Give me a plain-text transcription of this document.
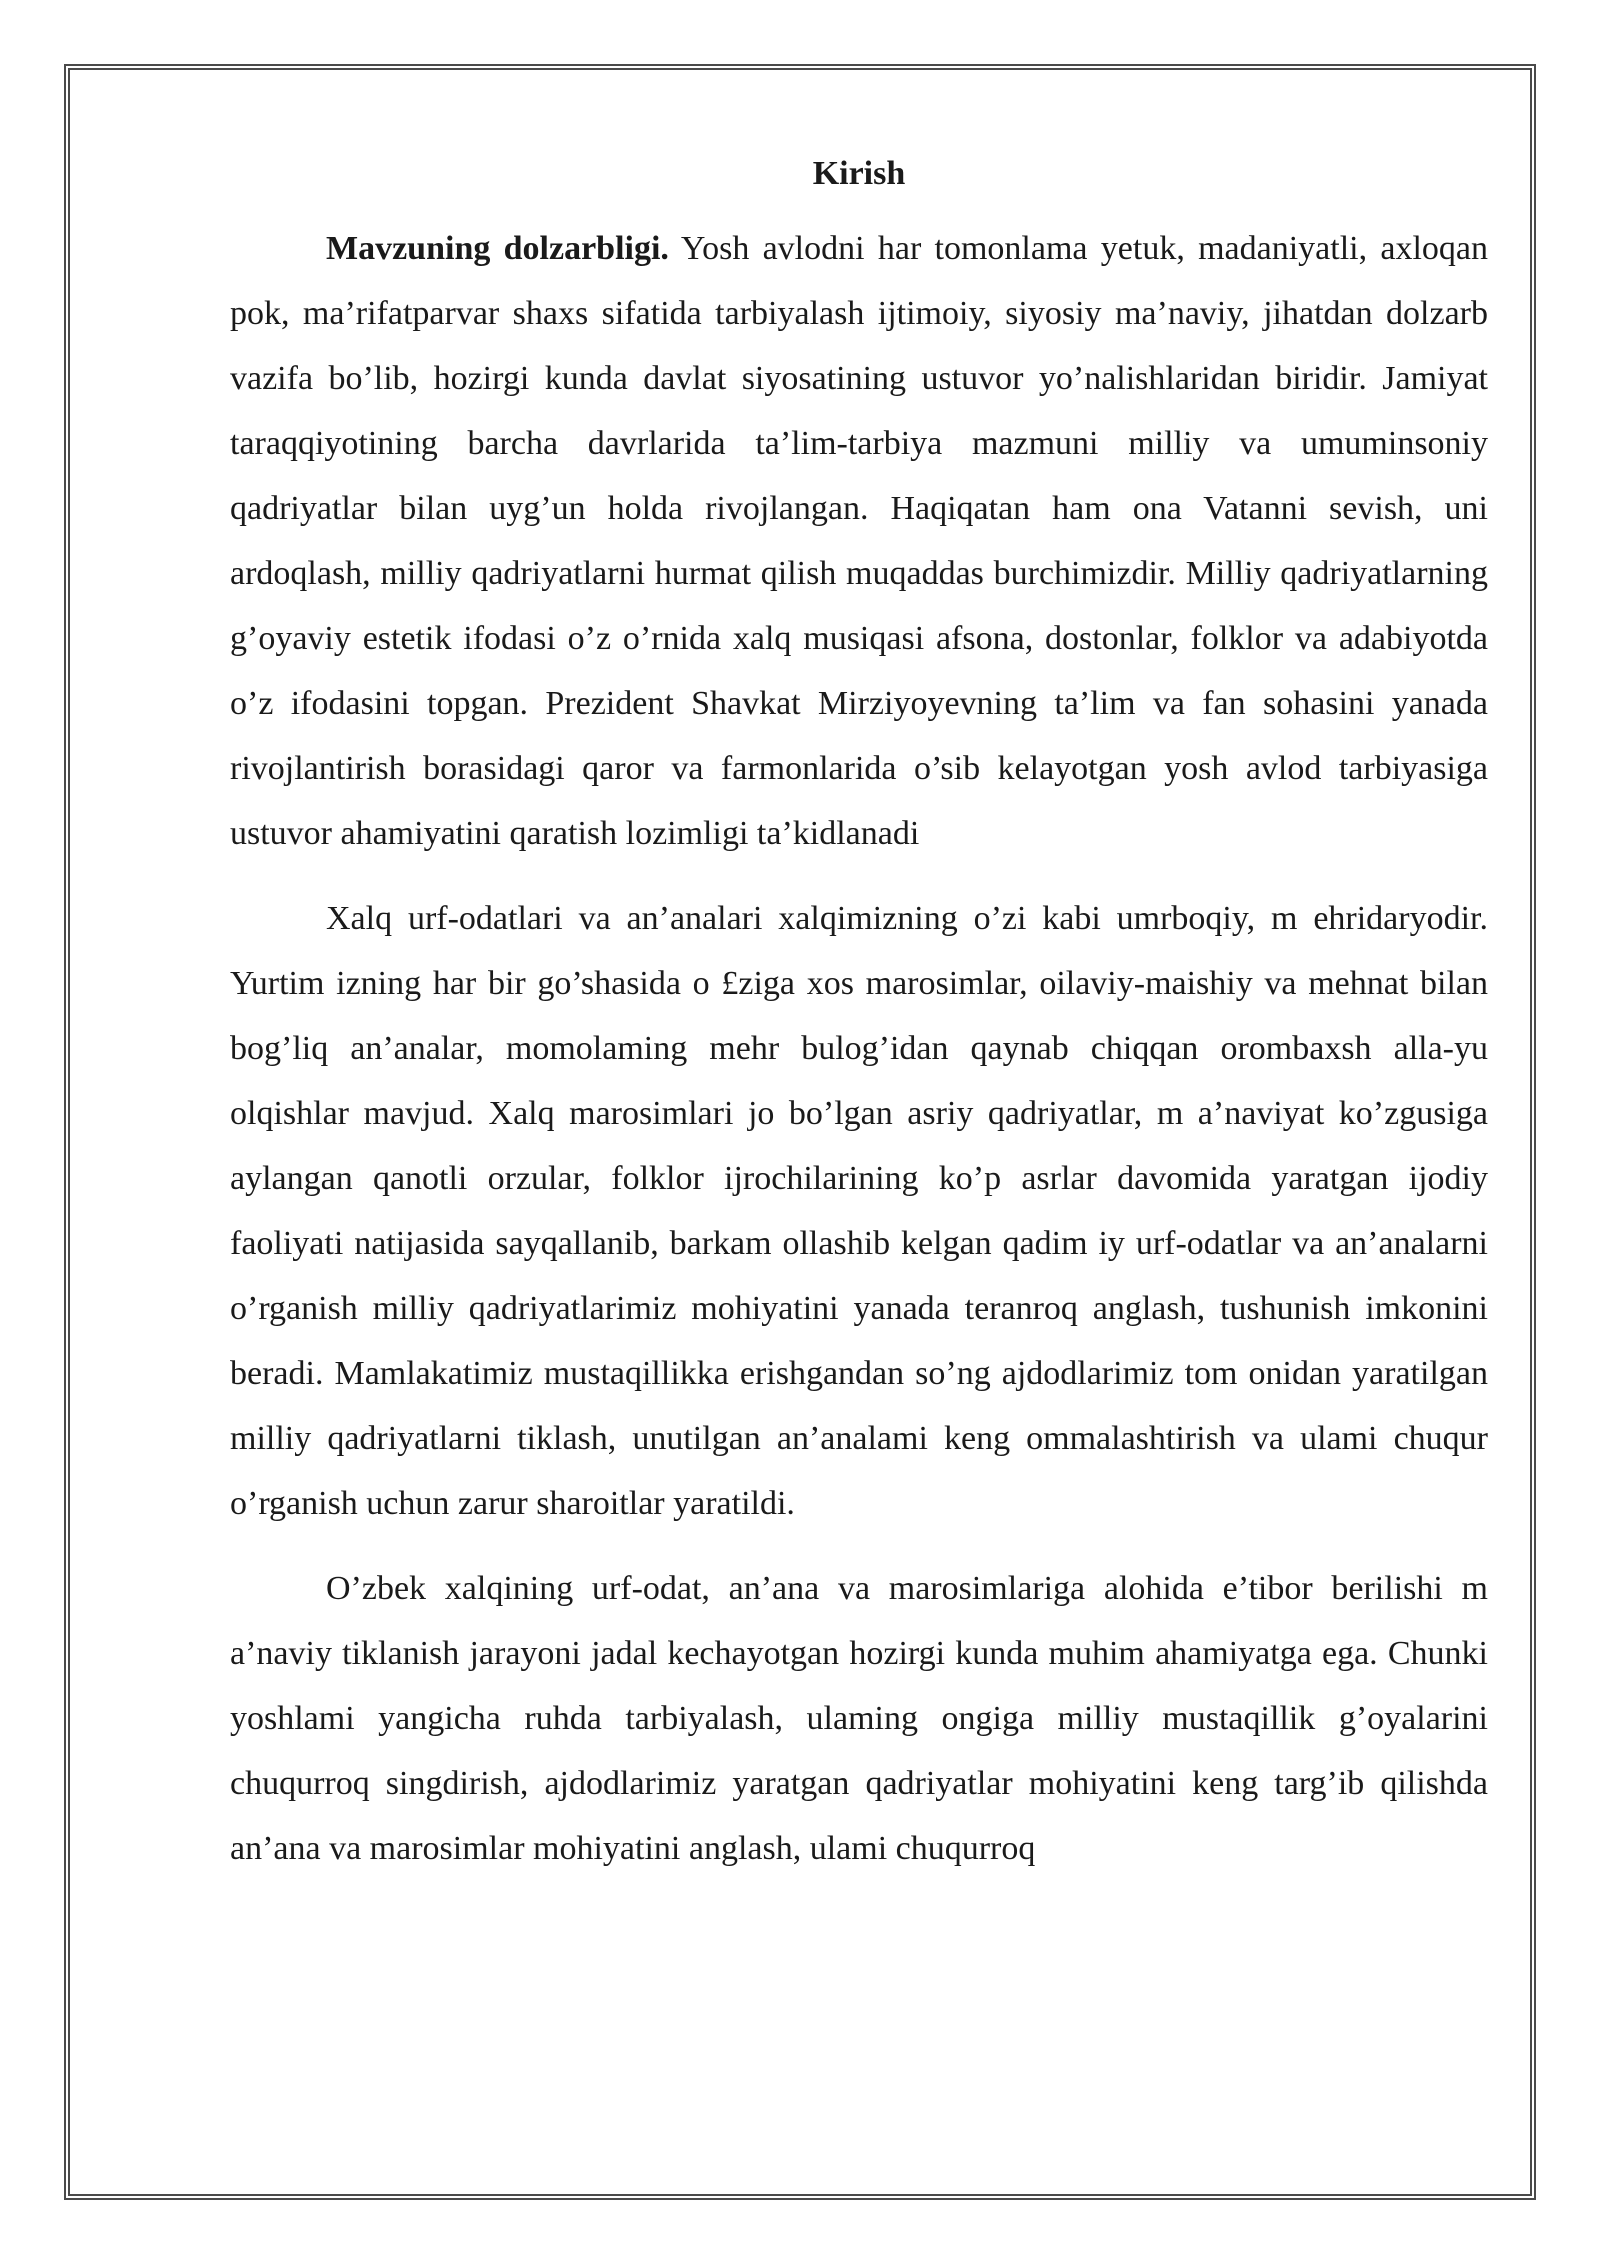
Kirish

Mavzuning dolzarbligi. Yosh avlodni har tomonlama yetuk, madaniyatli, axloqan pok, ma’rifatparvar shaxs sifatida tarbiyalash ijtimoiy, siyosiy ma’naviy, jihatdan dolzarb vazifa bo’lib, hozirgi kunda davlat siyosatining ustuvor yo’nalishlaridan biridir. Jamiyat taraqqiyotining barcha davrlarida ta’lim-tarbiya mazmuni milliy va umuminsoniy qadriyatlar bilan uyg’un holda rivojlangan. Haqiqatan ham ona Vatanni sevish, uni ardoqlash, milliy qadriyatlarni hurmat qilish muqaddas burchimizdir. Milliy qadriyatlarning g’oyaviy estetik ifodasi o’z o’rnida xalq musiqasi afsona, dostonlar, folklor va adabiyotda o’z ifodasini topgan. Prezident Shavkat Mirziyoyevning ta’lim va fan sohasini yanada rivojlantirish borasidagi qaror va farmonlarida o’sib kelayotgan yosh avlod tarbiyasiga ustuvor ahamiyatini qaratish lozimligi ta’kidlanadi

Xalq urf-odatlari va an’analari xalqimizning o’zi kabi umrboqiy, m ehridaryodir. Yurtim izning har bir go’shasida o £ziga xos marosimlar, oilaviy-maishiy va mehnat bilan bog’liq an’analar, momolaming mehr bulog’idan qaynab chiqqan orombaxsh alla-yu olqishlar mavjud. Xalq marosimlari jo bo’lgan asriy qadriyatlar, m a’naviyat ko’zgusiga aylangan qanotli orzular, folklor ijrochilarining ko’p asrlar davomida yaratgan ijodiy faoliyati natijasida sayqallanib, barkam ollashib kelgan qadim iy urf-odatlar va an’analarni o’rganish milliy qadriyatlarimiz mohiyatini yanada teranroq anglash, tushunish imkonini beradi. Mamlakatimiz mustaqillikka erishgandan so’ng ajdodlarimiz tom onidan yaratilgan milliy qadriyatlarni tiklash, unutilgan an’analami keng ommalashtirish va ulami chuqur o’rganish uchun zarur sharoitlar yaratildi.

O’zbek xalqining urf-odat, an’ana va marosimlariga alohida e’tibor berilishi m a’naviy tiklanish jarayoni jadal kechayotgan hozirgi kunda muhim ahamiyatga ega. Chunki yoshlami yangicha ruhda tarbiyalash, ulaming ongiga milliy mustaqillik g’oyalarini chuqurroq singdirish, ajdodlarimiz yaratgan qadriyatlar mohiyatini keng targ’ib qilishda an’ana va marosimlar mohiyatini anglash, ulami chuqurroq
